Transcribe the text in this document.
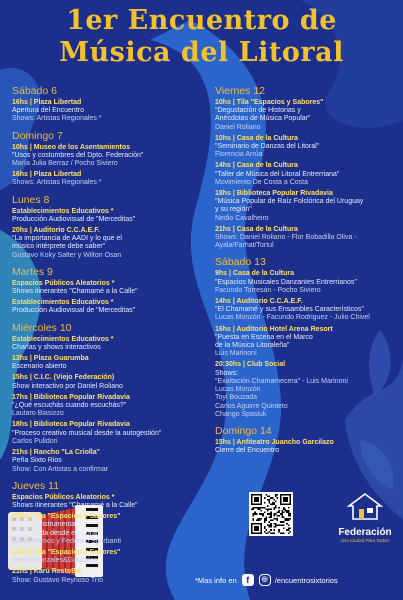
1er Encuentro de
Música del Litoral
Sábado 6
16hs | Plaza Libertad
Apertura del Encuentro
Shows: Artistas Regionales *
Domingo 7
10hs | Museo de los Asentamientos
"Usos y costumbres del Dpto. Federación"
María Julia Berraz / Pocho Siviero
16hs | Plaza Libertad
Shows: Artistas Regionales *
Lunes 8
Establecimientos Educativos *
Producción Audiovisual de "Merceditas"
20hs | Auditorio C.C.A.E.F.
"La importancia de AADI y lo que el
músico intérprete debe saber"
Gustavo Koky Salter y Wilton Osan
Martes 9
Espacios Públicos Aleatorios *
Shows itinerantes "Chamamé a la Calle"
Establecimientos Educativos *
Producción Audiovisual de "Merceditas"
Miércoles 10
Establecimientos Educativos *
Charlas y shows interactivos
13hs | Plaza Guarumba
Escenario abierto
15hs | C.I.C. (Viejo Federación)
Show interactivo por Daniel Roliano
17hs | Biblioteca Popular Rivadavia
"¿Qué escuchás cuando escuchás?"
Lautaro Biasizzo
18hs | Biblioteca Popular Rivadavia
"Proceso creativo musical desde la autogestión"
Carlos Pulidori
21hs | Rancho "La Criolla"
Peña Sixto Rios
Show: Con Artistas a confirmar
Jueves 11
Espacios Públicos Aleatorios *
Shows itinerantes "Chamamé a la Calle"
17hs | Tila "Espacios y Sabores"
"Música instrumental:
Una mirada desde el Litoral"
Julián Ramos y Federico Sgarbanti
21hs | Tila "Espacios y Sabores"
Show: Gonzales&Gonzales
21hs | Karú RestoBar
Show: Gustavo Reynoso Trío
Viernes 12
10hs | Tila "Espacios y Sabores"
"Degustación de Historias y
Anécdotas de Música Popular"
Daniel Roliano
10hs | Casa de la Cultura
"Seminario de Danzas del Litoral"
Florencia Arrúa
14hs | Casa de la Cultura
"Taller de Música del Litoral Entrerriana"
Movimiento De Costa a Costa
18hs | Biblioteca Popular Rivadavia
"Música Popular de Raíz Folclórica del Uruguay
y su región"
Nedio Cavalheiro
21hs | Casa de la Cultura
Shows: Daniel Roliano - Flor Bobadilla Oliva -
Ayala/Farhat/Tortul
Sábado 13
9hs | Casa de la Cultura
"Espacios Musicales Danzantes Entrerrianos"
Facundo Torresán - Pocho Siviero
14hs | Auditorio C.C.A.E.F.
"El Chamamé y sus Ensambles Característicos"
Lucas Monzón - Facundo Rodriguez - Julio Chivel
16hs | Auditorio Hotel Arena Resort
"Puesta en Escena en el Marco
de la Música Litoraleña"
Luis Marinoni
20:30hs | Club Social
Shows:
"Exaltación Chamamecera" - Luis Marinoni
Lucas Monzón
Toyi Bouzada
Carlos Aguirre Quinteto
Chango Spasiuk
Domingo 14
15hs | Anfiteatro Juancho Garcilazo
Cierre del Encuentro
Federación
Una Ciudad Para Todos!
*Mas info en	f	◎ /encuentrosixtorios
